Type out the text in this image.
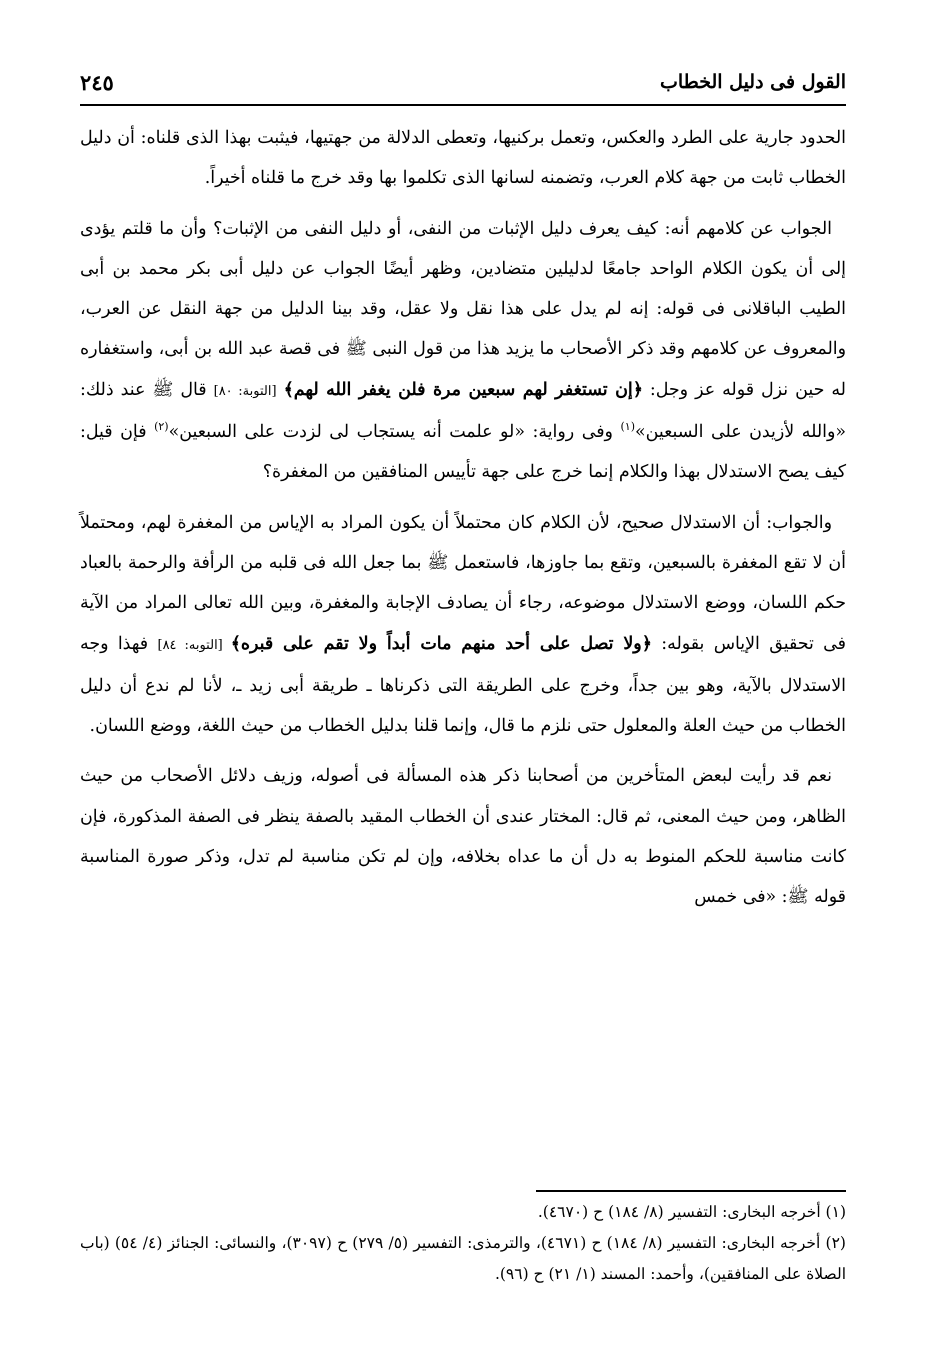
القول فى دليل الخطاب
٢٤٥

الحدود جارية على الطرد والعكس، وتعمل بركنيها، وتعطى الدلالة من جهتيها، فيثبت بهذا الذى قلناه: أن دليل الخطاب ثابت من جهة كلام العرب، وتضمنه لسانها الذى تكلموا بها وقد خرج ما قلناه أخيراً.

الجواب عن كلامهم أنه: كيف يعرف دليل الإثبات من النفى، أو دليل النفى من الإثبات؟ وأن ما قلتم يؤدى إلى أن يكون الكلام الواحد جامعًا لدليلين متضادين، وظهر أيضًا الجواب عن دليل أبى بكر محمد بن أبى الطيب الباقلانى فى قوله: إنه لم يدل على هذا نقل ولا عقل، وقد بينا الدليل من جهة النقل عن العرب، والمعروف عن كلامهم وقد ذكر الأصحاب ما يزيد هذا من قول النبى ﷺ فى قصة عبد الله بن أبى، واستغفاره له حين نزل قوله عز وجل: ﴿إن تستغفر لهم سبعين مرة فلن يغفر الله لهم﴾ [التوبة: ٨٠] قال ﷺ عند ذلك: «والله لأزيدن على السبعين»$^{(١)}$ وفى رواية: «لو علمت أنه يستجاب لى لزدت على السبعين»$^{(٢)}$ فإن قيل: كيف يصح الاستدلال بهذا والكلام إنما خرج على جهة تأييس المنافقين من المغفرة؟

والجواب: أن الاستدلال صحيح، لأن الكلام كان محتملاً أن يكون المراد به الإياس من المغفرة لهم، ومحتملاً أن لا تقع المغفرة بالسبعين، وتقع بما جاوزها، فاستعمل ﷺ بما جعل الله فى قلبه من الرأفة والرحمة بالعباد حكم اللسان، ووضع الاستدلال موضوعه، رجاء أن يصادف الإجابة والمغفرة، وبين الله تعالى المراد من الآية فى تحقيق الإياس بقوله: ﴿ولا تصل على أحد منهم مات أبداً ولا تقم على قبره﴾ [التوبه: ٨٤] فهذا وجه الاستدلال بالآية، وهو بين جداً، وخرج على الطريقة التى ذكرناها ـ طريقة أبى زيد ـ، لأنا لم ندع أن دليل الخطاب من حيث العلة والمعلول حتى نلزم ما قال، وإنما قلنا بدليل الخطاب من حيث اللغة، ووضع اللسان.

نعم قد رأيت لبعض المتأخرين من أصحابنا ذكر هذه المسألة فى أصوله، وزيف دلائل الأصحاب من حيث الظاهر، ومن حيث المعنى، ثم قال: المختار عندى أن الخطاب المقيد بالصفة ينظر فى الصفة المذكورة، فإن كانت مناسبة للحكم المنوط به دل أن ما عداه بخلافه، وإن لم تكن مناسبة لم تدل، وذكر صورة المناسبة قوله ﷺ: «فى خمس

(١) أخرجه البخارى: التفسير (٨/ ١٨٤) ح (٤٦٧٠).

(٢) أخرجه البخارى: التفسير (٨/ ١٨٤) ح (٤٦٧١)، والترمذى: التفسير (٥/ ٢٧٩) ح (٣٠٩٧)، والنسائى: الجنائز (٤/ ٥٤) (باب الصلاة على المنافقين)، وأحمد: المسند (١/ ٢١) ح (٩٦).
